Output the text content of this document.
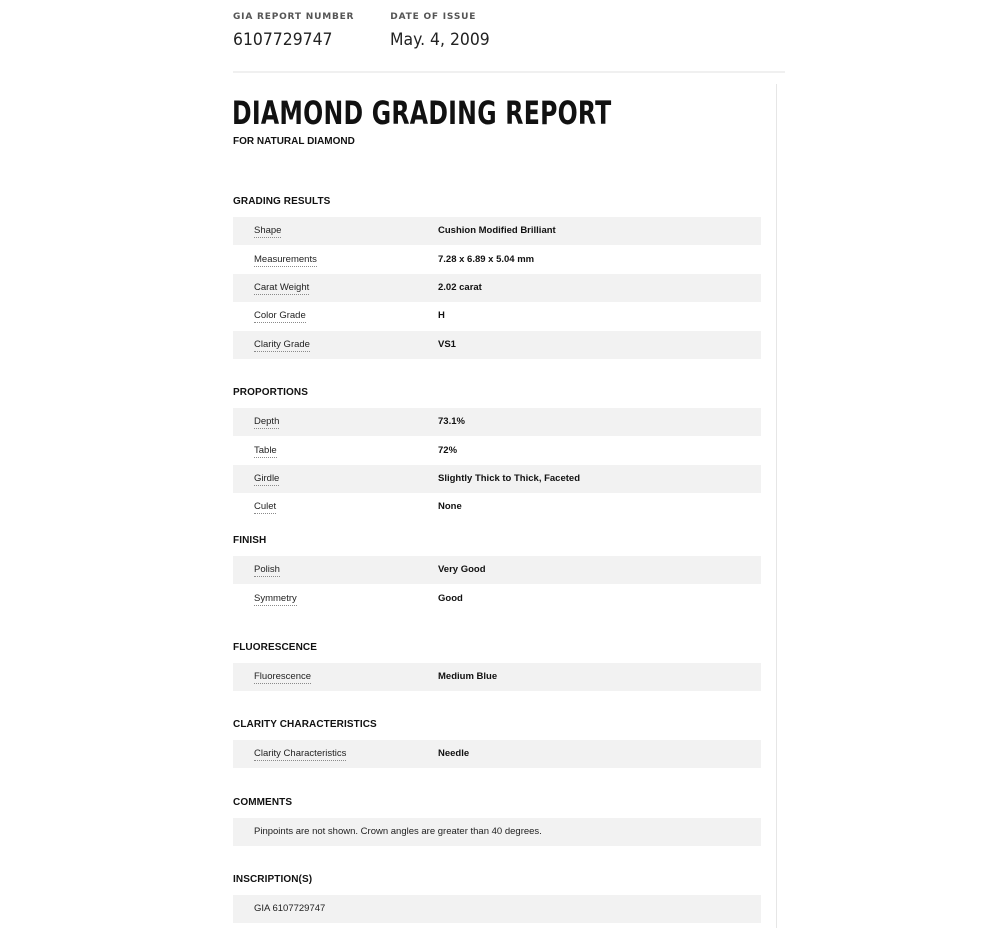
GIA REPORT NUMBER
6107729747
DATE OF ISSUE
May. 4, 2009
DIAMOND GRADING REPORT
FOR NATURAL DIAMOND
GRADING RESULTS
Shape	Cushion Modified Brilliant
Measurements	7.28 x 6.89 x 5.04 mm
Carat Weight	2.02 carat
Color Grade	H
Clarity Grade	VS1
PROPORTIONS
Depth	73.1%
Table	72%
Girdle	Slightly Thick to Thick, Faceted
Culet	None
FINISH
Polish	Very Good
Symmetry	Good
FLUORESCENCE
Fluorescence	Medium Blue
CLARITY CHARACTERISTICS
Clarity Characteristics	Needle
COMMENTS
Pinpoints are not shown. Crown angles are greater than 40 degrees.
INSCRIPTION(S)
GIA 6107729747
